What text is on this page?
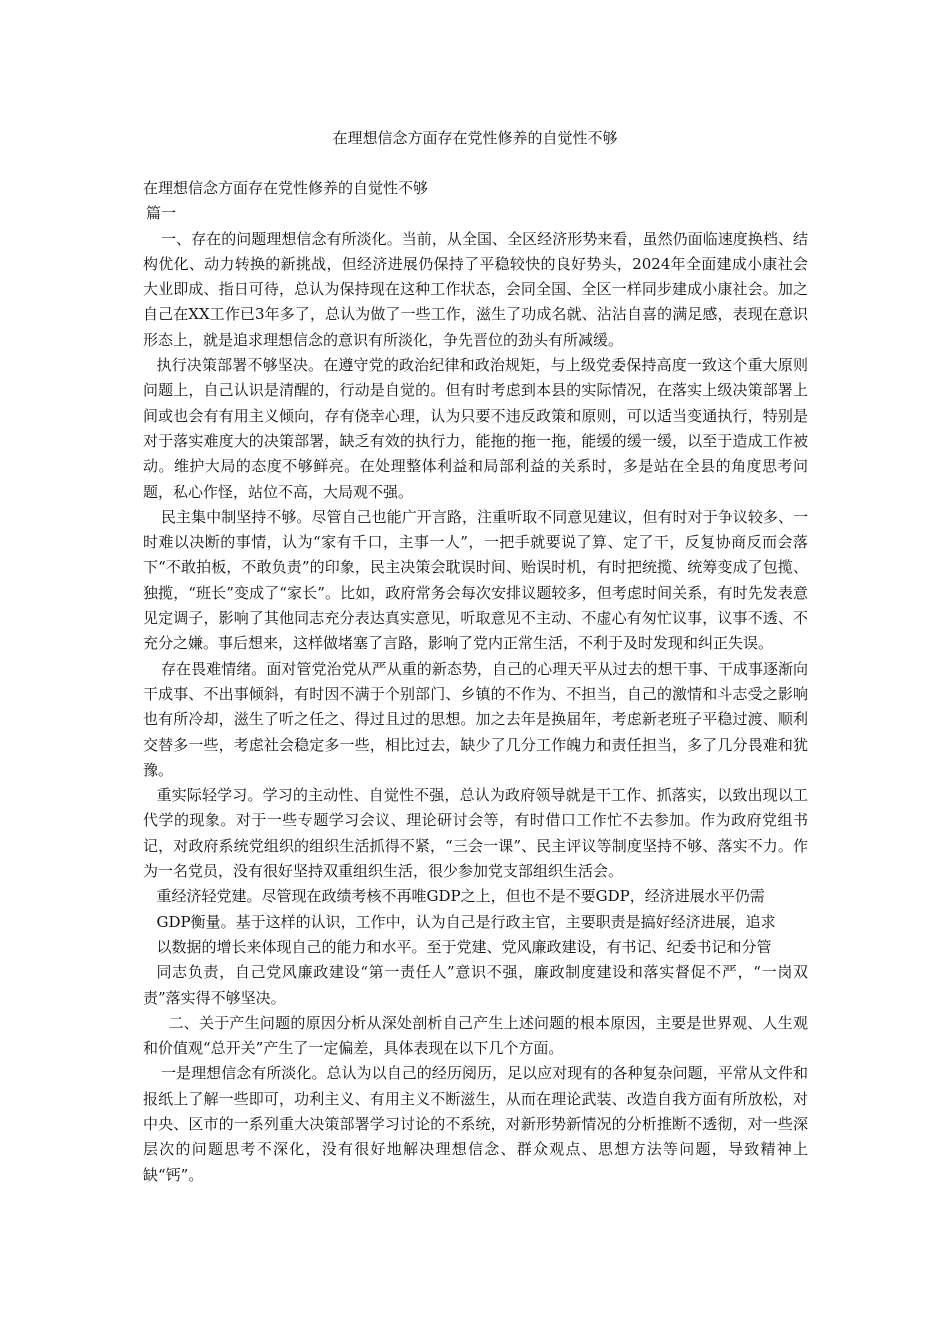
在理想信念方面存在党性修养的自觉性不够

在理想信念方面存在党性修养的自觉性不够

篇一

一、存在的问题理想信念有所淡化。当前，从全国、全区经济形势来看，虽然仍面临速度换档、结构优化、动力转换的新挑战，但经济进展仍保持了平稳较快的良好势头，2024年全面建成小康社会大业即成、指日可待，总认为保持现在这种工作状态，会同全国、全区一样同步建成小康社会。加之自己在XX工作已3年多了，总认为做了一些工作，滋生了功成名就、沾沾自喜的满足感，表现在意识形态上，就是追求理想信念的意识有所淡化，争先晋位的劲头有所减缓。

执行决策部署不够坚决。在遵守党的政治纪律和政治规矩，与上级党委保持高度一致这个重大原则问题上，自己认识是清醒的，行动是自觉的。但有时考虑到本县的实际情况，在落实上级决策部署上间或也会有有用主义倾向，存有侥幸心理，认为只要不违反政策和原则，可以适当变通执行，特别是对于落实难度大的决策部署，缺乏有效的执行力，能拖的拖一拖，能缓的缓一缓，以至于造成工作被动。维护大局的态度不够鲜亮。在处理整体利益和局部利益的关系时，多是站在全县的角度思考问题，私心作怪，站位不高，大局观不强。

民主集中制坚持不够。尽管自己也能广开言路，注重听取不同意见建议，但有时对于争议较多、一时难以决断的事情，认为“家有千口，主事一人”，一把手就要说了算、定了干，反复协商反而会落下“不敢拍板，不敢负责”的印象，民主决策会耽误时间、贻误时机，有时把统揽、统筹变成了包揽、独揽，“班长”变成了“家长”。比如，政府常务会每次安排议题较多，但考虑时间关系，有时先发表意见定调子，影响了其他同志充分表达真实意见，听取意见不主动、不虚心有匆忙议事，议事不透、不充分之嫌。事后想来，这样做堵塞了言路，影响了党内正常生活，不利于及时发现和纠正失误。

存在畏难情绪。面对管党治党从严从重的新态势，自己的心理天平从过去的想干事、干成事逐渐向干成事、不出事倾斜，有时因不满于个别部门、乡镇的不作为、不担当，自己的激情和斗志受之影响也有所冷却，滋生了听之任之、得过且过的思想。加之去年是换届年，考虑新老班子平稳过渡、顺利交替多一些，考虑社会稳定多一些，相比过去，缺少了几分工作魄力和责任担当，多了几分畏难和犹豫。

重实际轻学习。学习的主动性、自觉性不强，总认为政府领导就是干工作、抓落实，以致出现以工代学的现象。对于一些专题学习会议、理论研讨会等，有时借口工作忙不去参加。作为政府党组书记，对政府系统党组织的组织生活抓得不紧，“三会一课”、民主评议等制度坚持不够、落实不力。作为一名党员，没有很好坚持双重组织生活，很少参加党支部组织生活会。

重经济轻党建。尽管现在政绩考核不再唯GDP之上，但也不是不要GDP，经济进展水平仍需

GDP衡量。基于这样的认识，工作中，认为自己是行政主官，主要职责是搞好经济进展，追求

以数据的增长来体现自己的能力和水平。至于党建、党风廉政建设，有书记、纪委书记和分管

同志负责，自己党风廉政建设“第一责任人”意识不强，廉政制度建设和落实督促不严，“一岗双责”落实得不够坚决。

二、关于产生问题的原因分析从深处剖析自己产生上述问题的根本原因，主要是世界观、人生观和价值观“总开关”产生了一定偏差，具体表现在以下几个方面。

一是理想信念有所淡化。总认为以自己的经历阅历，足以应对现有的各种复杂问题，平常从文件和报纸上了解一些即可，功利主义、有用主义不断滋生，从而在理论武装、改造自我方面有所放松，对中央、区市的一系列重大决策部署学习讨论的不系统，对新形势新情况的分析推断不透彻，对一些深层次的问题思考不深化，没有很好地解决理想信念、群众观点、思想方法等问题，导致精神上缺“钙”。
